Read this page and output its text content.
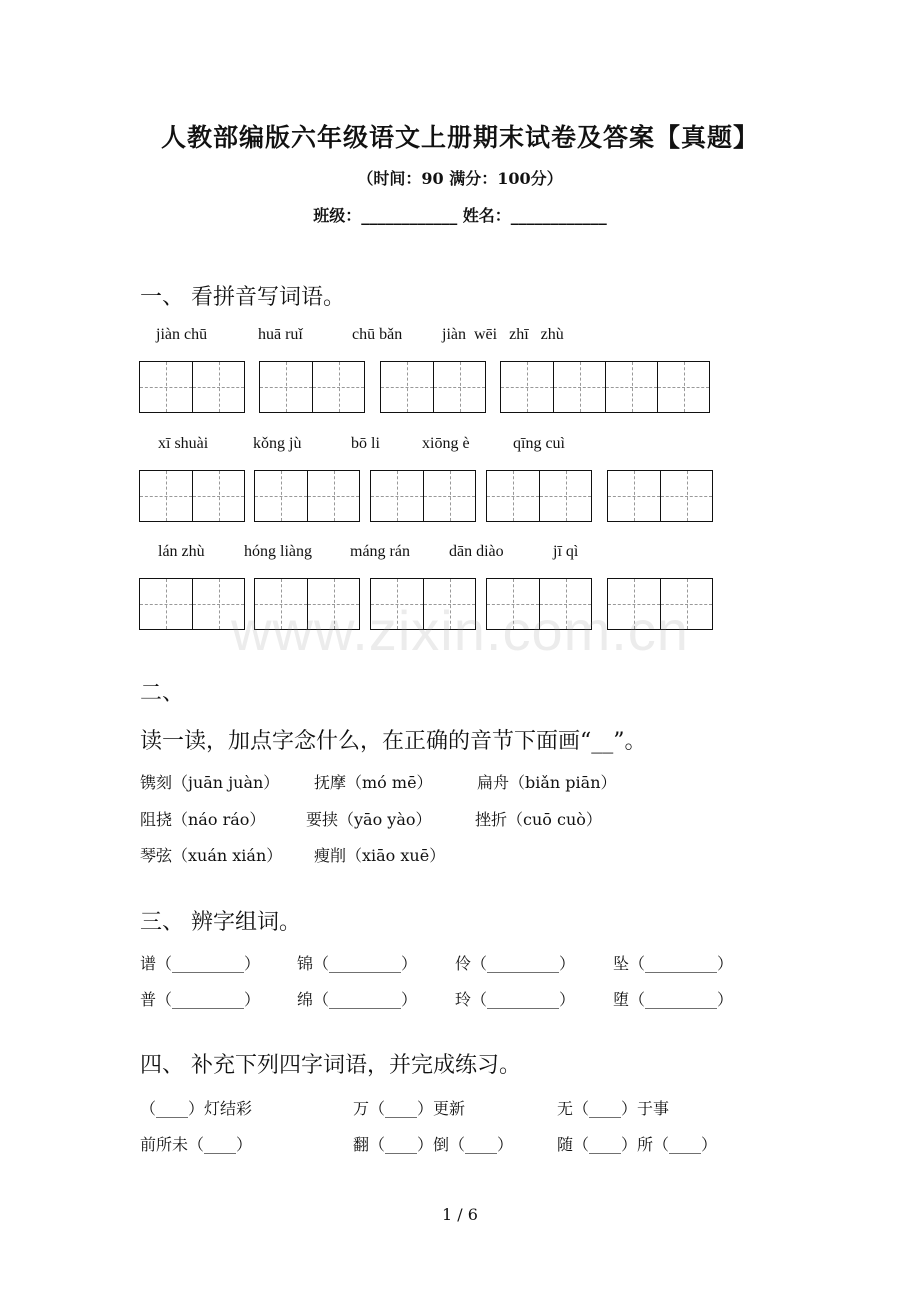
人教部编版六年级语文上册期末试卷及答案【真题】
（时间：90 满分：100分）
班级：____________ 姓名：____________
一、 看拼音写词语。
jiàn chū	huā ruǐ	chū bǎn jiàn  wēi   zhī   zhù
xī shuài	kǒng jù	bō li	xiōng è	qīng cuì
lán zhù hóng liàng máng rán dān diào	jī qì
www.zixin.com.cn
二、
读一读，加点字念什么，在正确的音节下面画“__”。
镌刻（juān juàn） 抚摩（mó mē）	扁舟（biǎn piān）
阻挠（náo ráo）	要挟（yāo yào）	挫折（cuō cuò）
琴弦（xuán xián） 瘦削（xiāo xuē）
三、 辨字组词。
谱（_________） 锦（_________） 伶（_________） 坠（_________）
普（_________） 绵（_________） 玲（_________） 堕（_________）
四、 补充下列四字词语，并完成练习。
（____）灯结彩	万（____）更新	无（____）于事
前所未（____）	翻（____）倒（____）	随（____）所（____）
1 / 6
